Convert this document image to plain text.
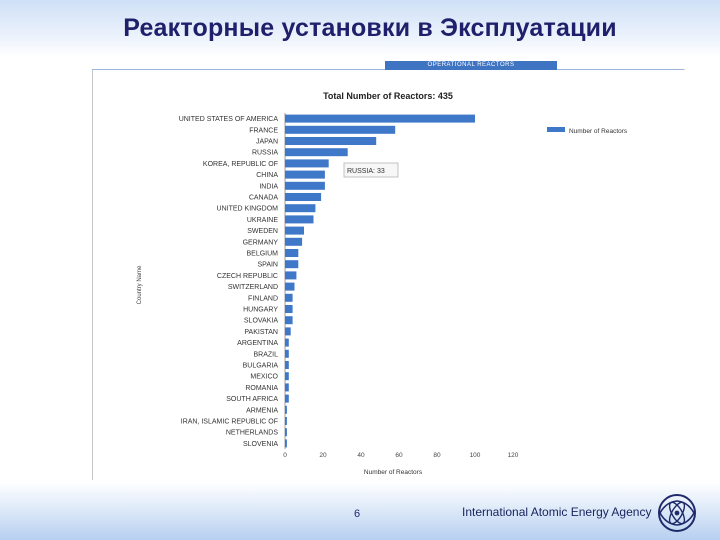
Реакторные установки в Эксплуатации
OPERATIONAL REACTORS
Total Number of Reactors: 435
Country Name
Number of Reactors
UNITED STATES OF AMERICA
FRANCE
JAPAN
RUSSIA
KOREA, REPUBLIC OF
CHINA
INDIA
CANADA
UNITED KINGDOM
UKRAINE
SWEDEN
GERMANY
BELGIUM
SPAIN
CZECH REPUBLIC
SWITZERLAND
FINLAND
HUNGARY
SLOVAKIA
PAKISTAN
ARGENTINA
BRAZIL
BULGARIA
MEXICO
ROMANIA
SOUTH AFRICA
ARMENIA
IRAN, ISLAMIC REPUBLIC OF
NETHERLANDS
SLOVENIA
0	20	40	60	80	100	120
Number of Reactors
RUSSIA: 33
6	International Atomic Energy Agency
